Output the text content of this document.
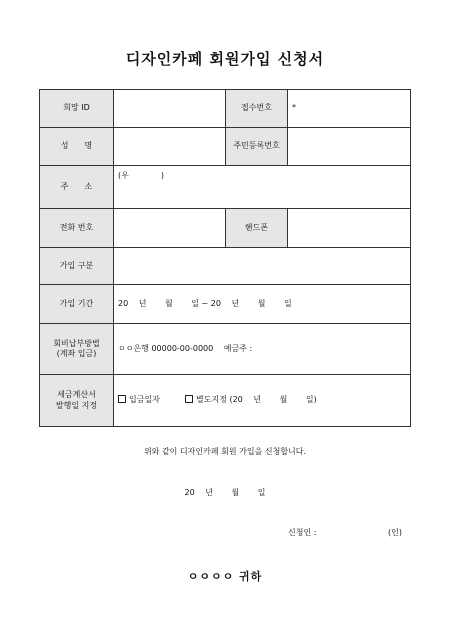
디자인카페 회원가입 신청서
희망 ID		접수번호	*
성　　명		주민등록번호	
주　　소	(우　　　　)		
전화 번호		핸드폰	
가입 구분			
가입 기간	20　 년　 　월　 　일 ~ 20　 년　 　월　 　일		

회비납부방법
(계좌 입금)	ㅇㅇ은행 00000-00-0000　 예금주 :		

세금계산서
발행일 지정	입금일자 별도지정 (20　 년　 　월　 　일)		
위와 같이 디자인카페 회원 가입을 신청합니다.
20　 년　 　월　 　일
신청인 :	(인)
ㅇㅇㅇㅇ 귀하
